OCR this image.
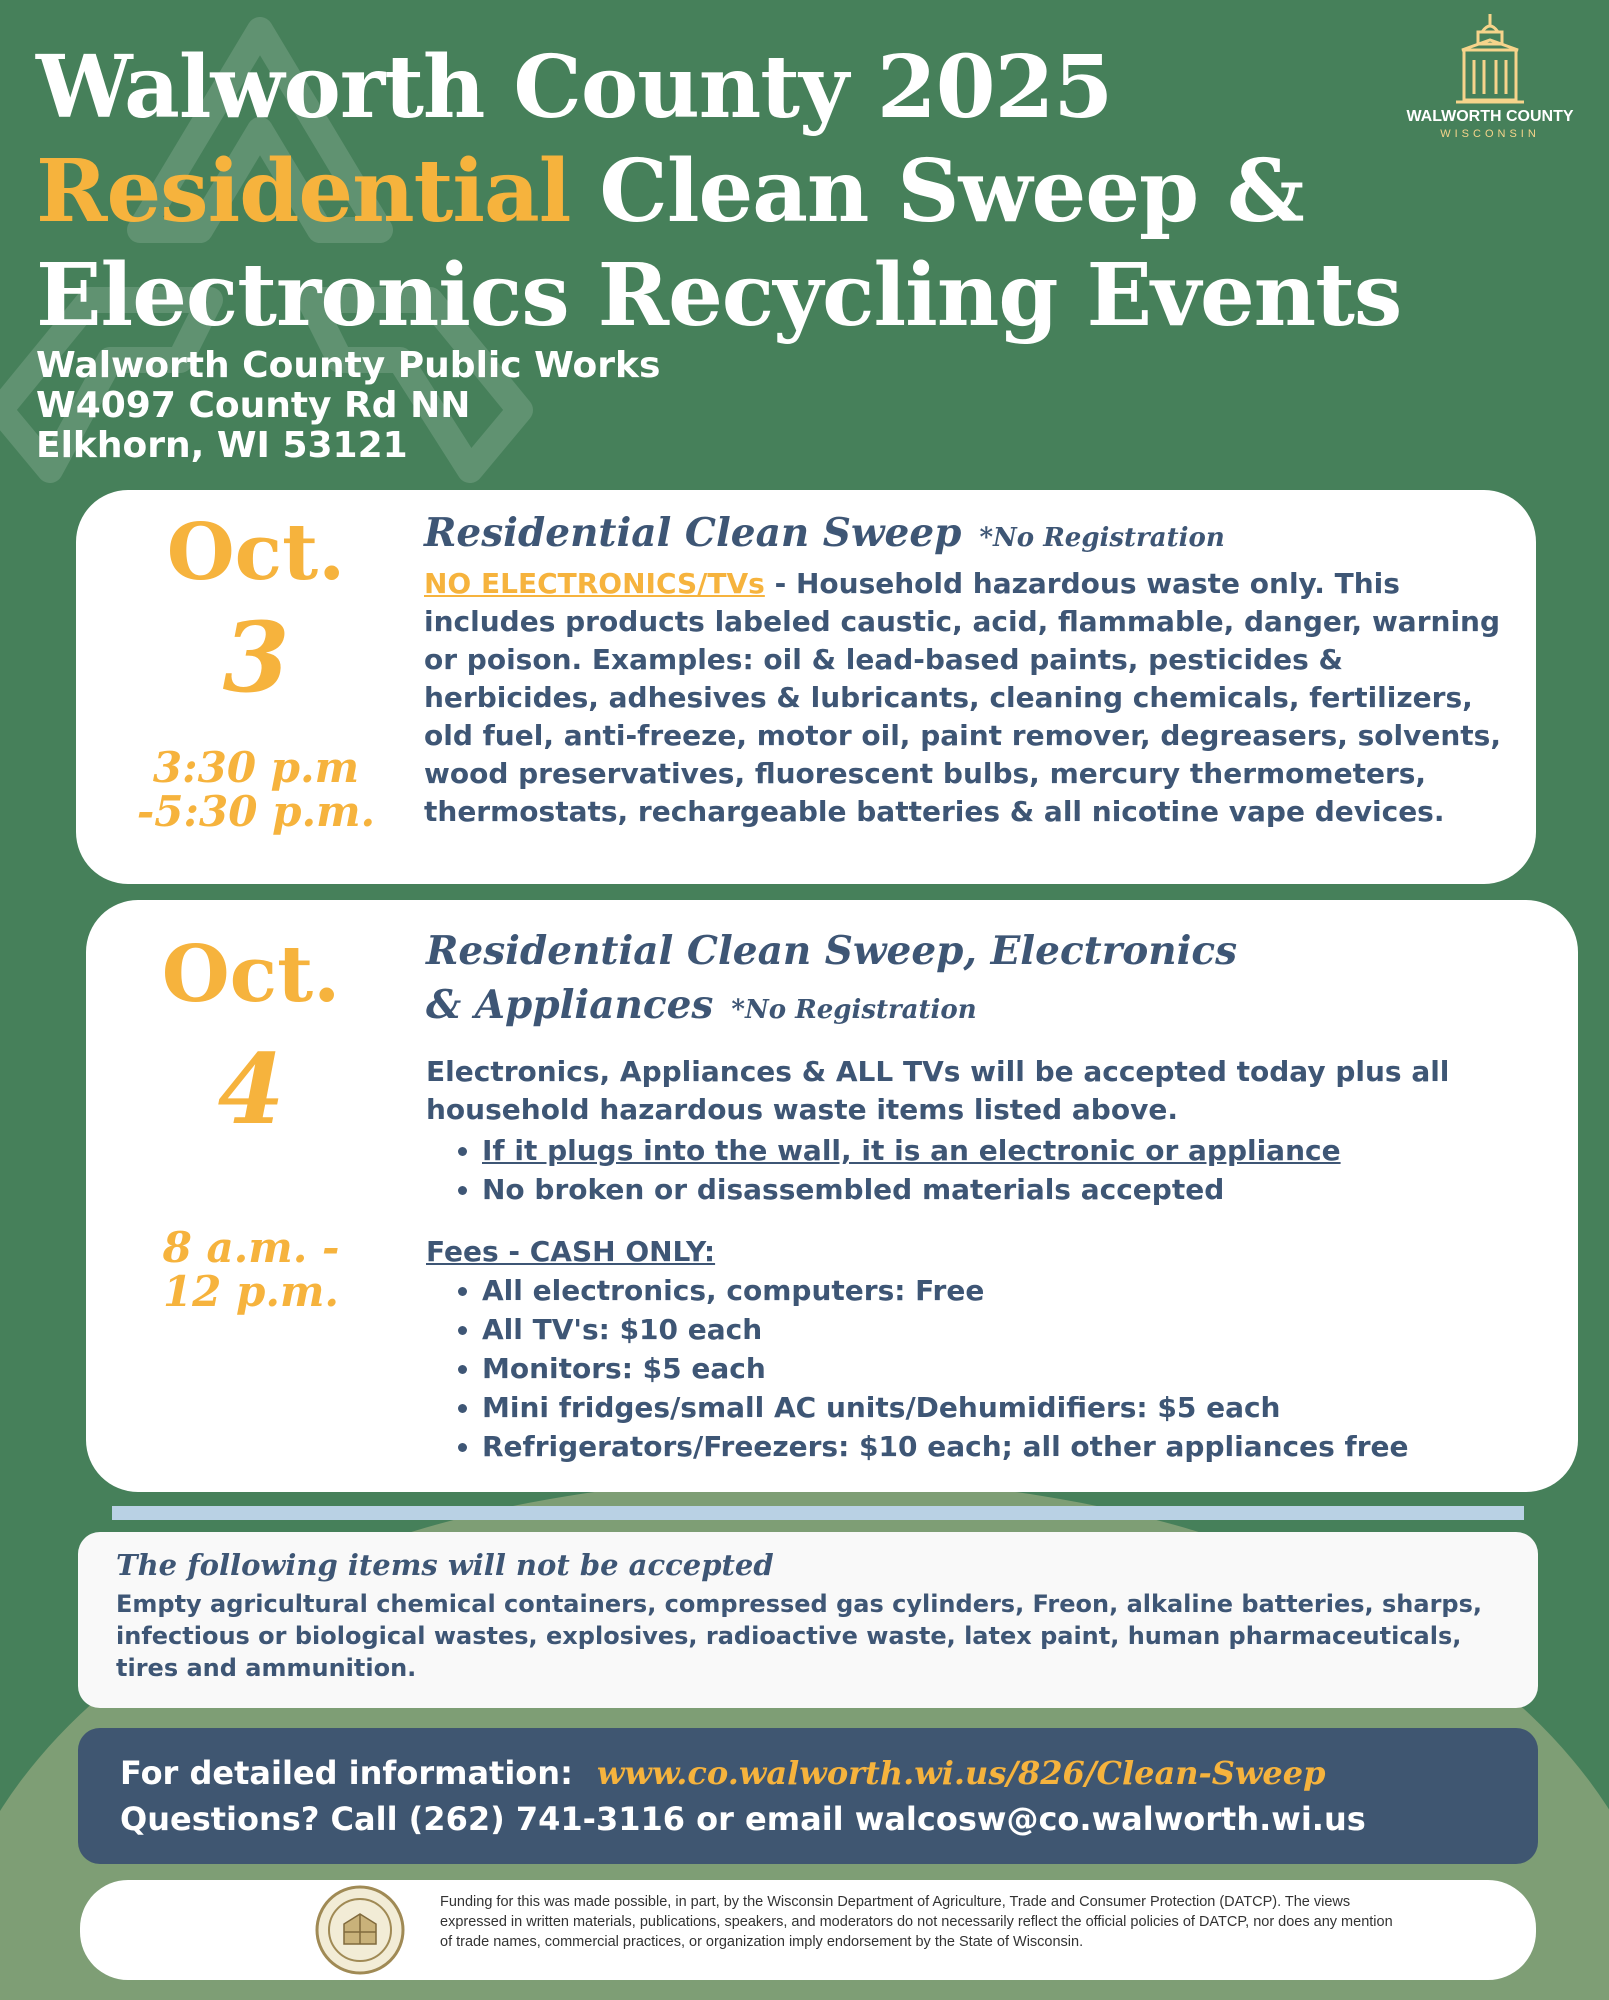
Walworth County 2025
Residential Clean Sweep &
Electronics Recycling Events
WALWORTH COUNTY
WISCONSIN
Walworth County Public Works
W4097 County Rd NN
Elkhorn, WI 53121
Oct.
3
3:30 p.m
-5:30 p.m.
Residential Clean Sweep *No Registration
NO ELECTRONICS/TVs - Household hazardous waste only. This includes products labeled caustic, acid, flammable, danger, warning or poison. Examples: oil & lead-based paints, pesticides & herbicides, adhesives & lubricants, cleaning chemicals, fertilizers, old fuel, anti-freeze, motor oil, paint remover, degreasers, solvents, wood preservatives, fluorescent bulbs, mercury thermometers, thermostats, rechargeable batteries & all nicotine vape devices.
Oct.
4
8 a.m. -
12 p.m.
Residential Clean Sweep, Electronics
& Appliances *No Registration
Electronics, Appliances & ALL TVs will be accepted today plus all household hazardous waste items listed above.
• If it plugs into the wall, it is an electronic or appliance
• No broken or disassembled materials accepted
Fees - CASH ONLY:
• All electronics, computers: Free
• All TV's: $10 each
• Monitors: $5 each
• Mini fridges/small AC units/Dehumidifiers: $5 each
• Refrigerators/Freezers: $10 each; all other appliances free
The following items will not be accepted
Empty agricultural chemical containers, compressed gas cylinders, Freon, alkaline batteries, sharps, infectious or biological wastes, explosives, radioactive waste, latex paint, human pharmaceuticals, tires and ammunition.
For detailed information: www.co.walworth.wi.us/826/Clean-Sweep
Questions? Call (262) 741-3116 or email walcosw@co.walworth.wi.us
Funding for this was made possible, in part, by the Wisconsin Department of Agriculture, Trade and Consumer Protection (DATCP). The views expressed in written materials, publications, speakers, and moderators do not necessarily reflect the official policies of DATCP, nor does any mention of trade names, commercial practices, or organization imply endorsement by the State of Wisconsin.
